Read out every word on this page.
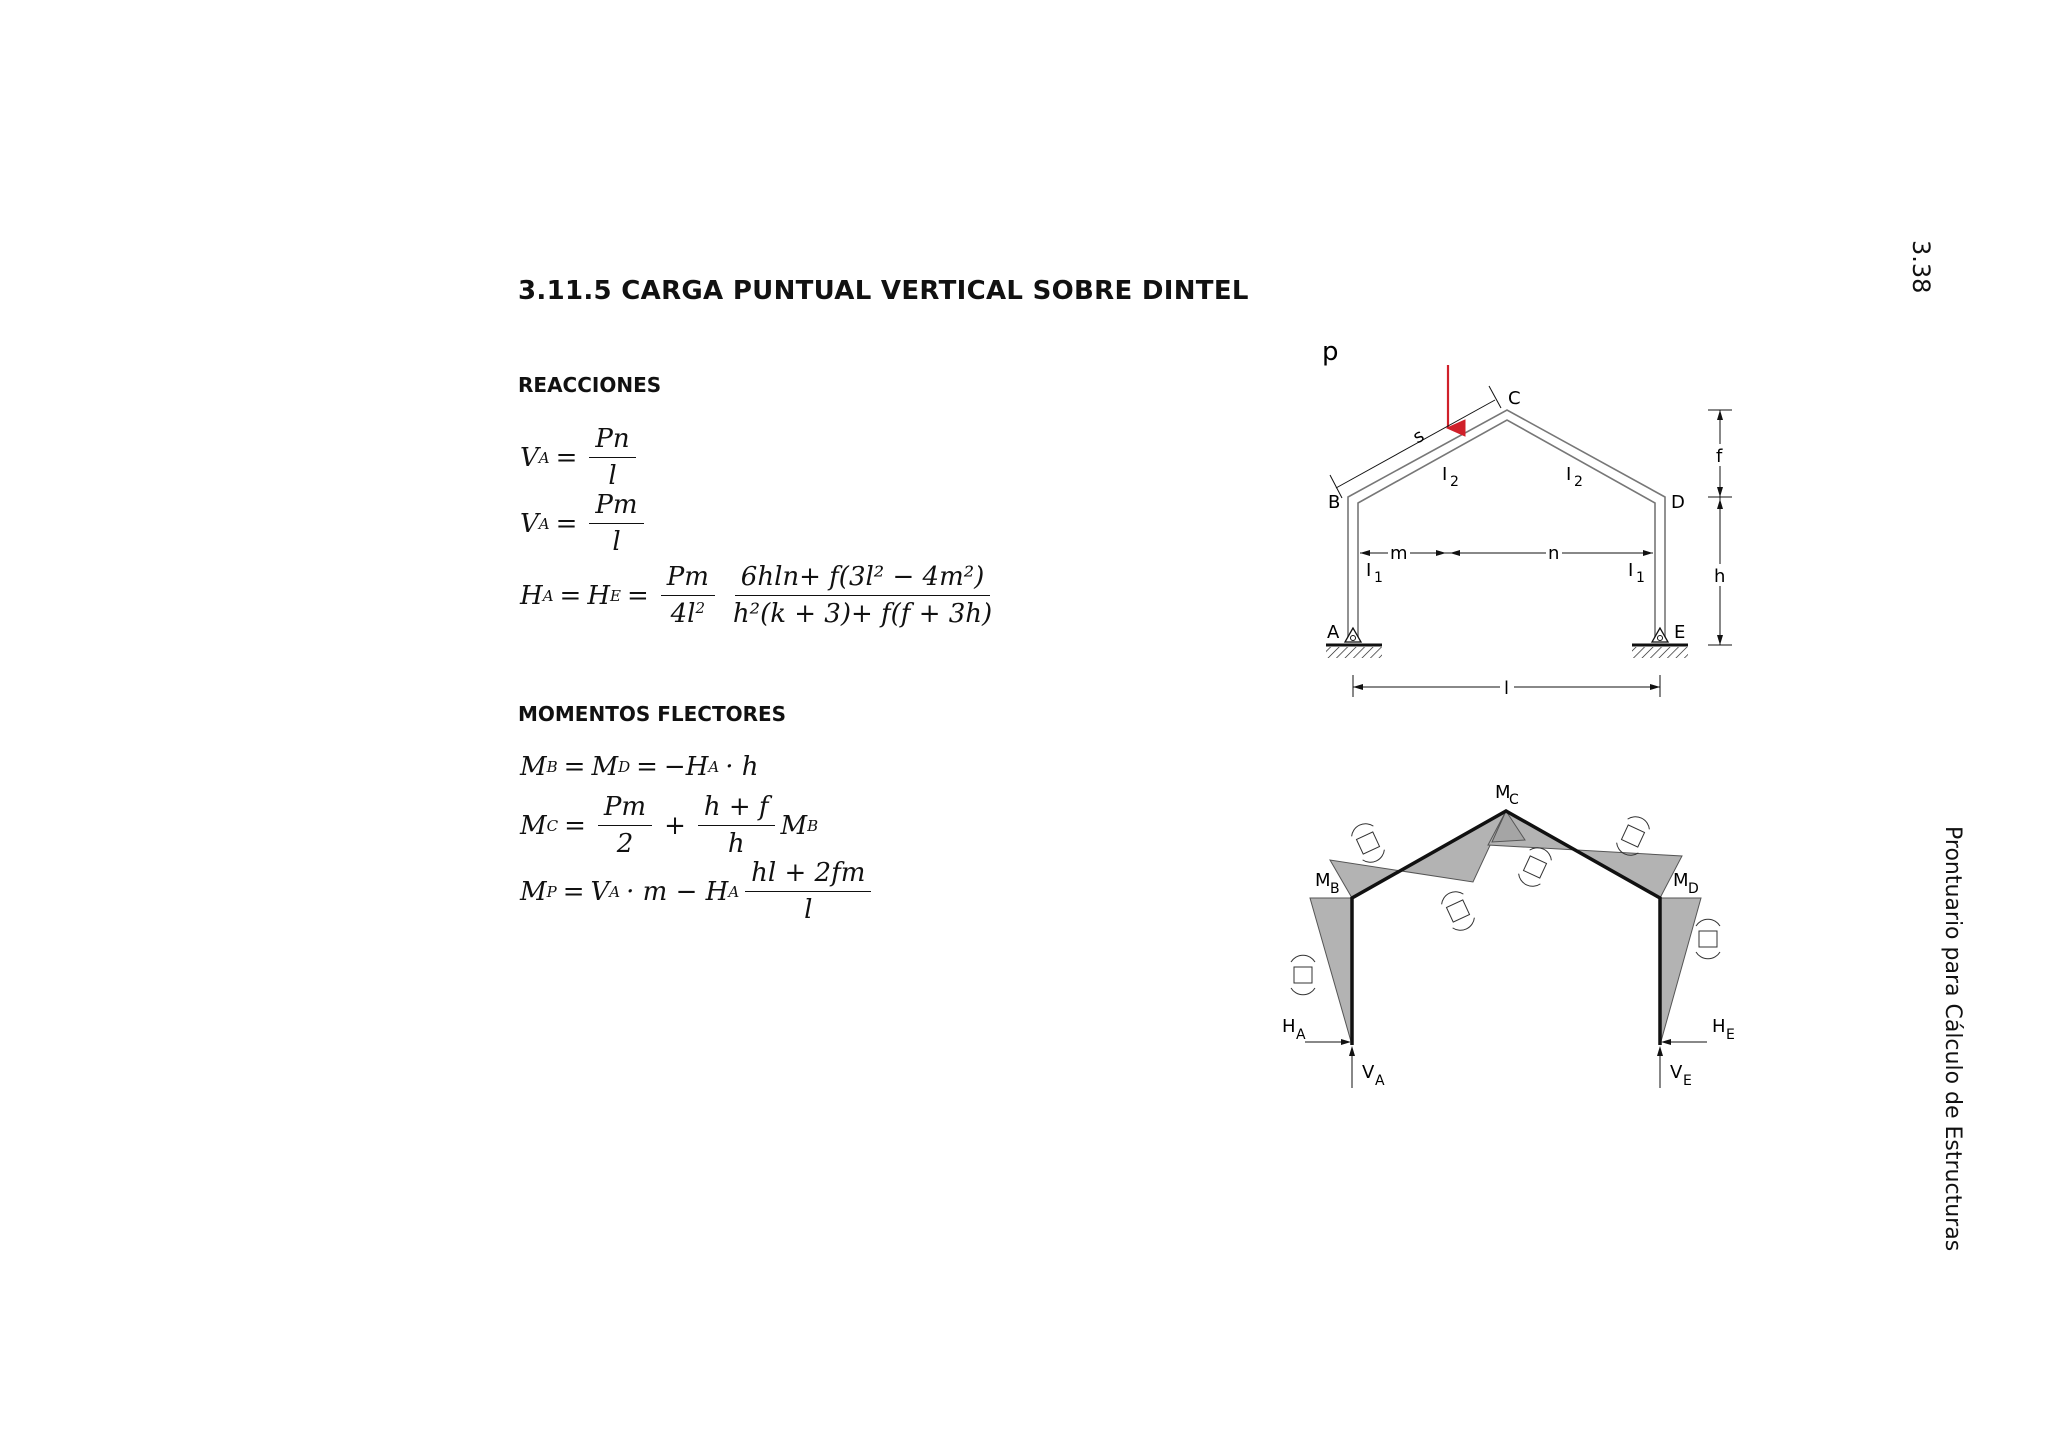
3.11.5 CARGA PUNTUAL VERTICAL SOBRE DINTEL
REACCIONES
V $A = \frac{Pn}{l}$
V $A = \frac{Pm}{l}$
H A = H $E = \frac{Pm}{4l^2} \frac{\text{6hln+ f(3l² − 4m²)}}{\text{h²(k + 3)+ f(f + 3h)}}$
MOMENTOS FLECTORES
M B = M D = −H A · h
M $C = \frac{Pm}{2} + \frac{h + f}{h}$ M B
M P = V A · m − H A $\frac{hl + 2fm}{l}$
p
s
A
B
C
D
E
I 2	I 2
I 1	I 1
m	n
f
h
l
M
C
M B	M D
H A	H E
V A	V E
3.38
Prontuario para Cálculo de Estructuras
